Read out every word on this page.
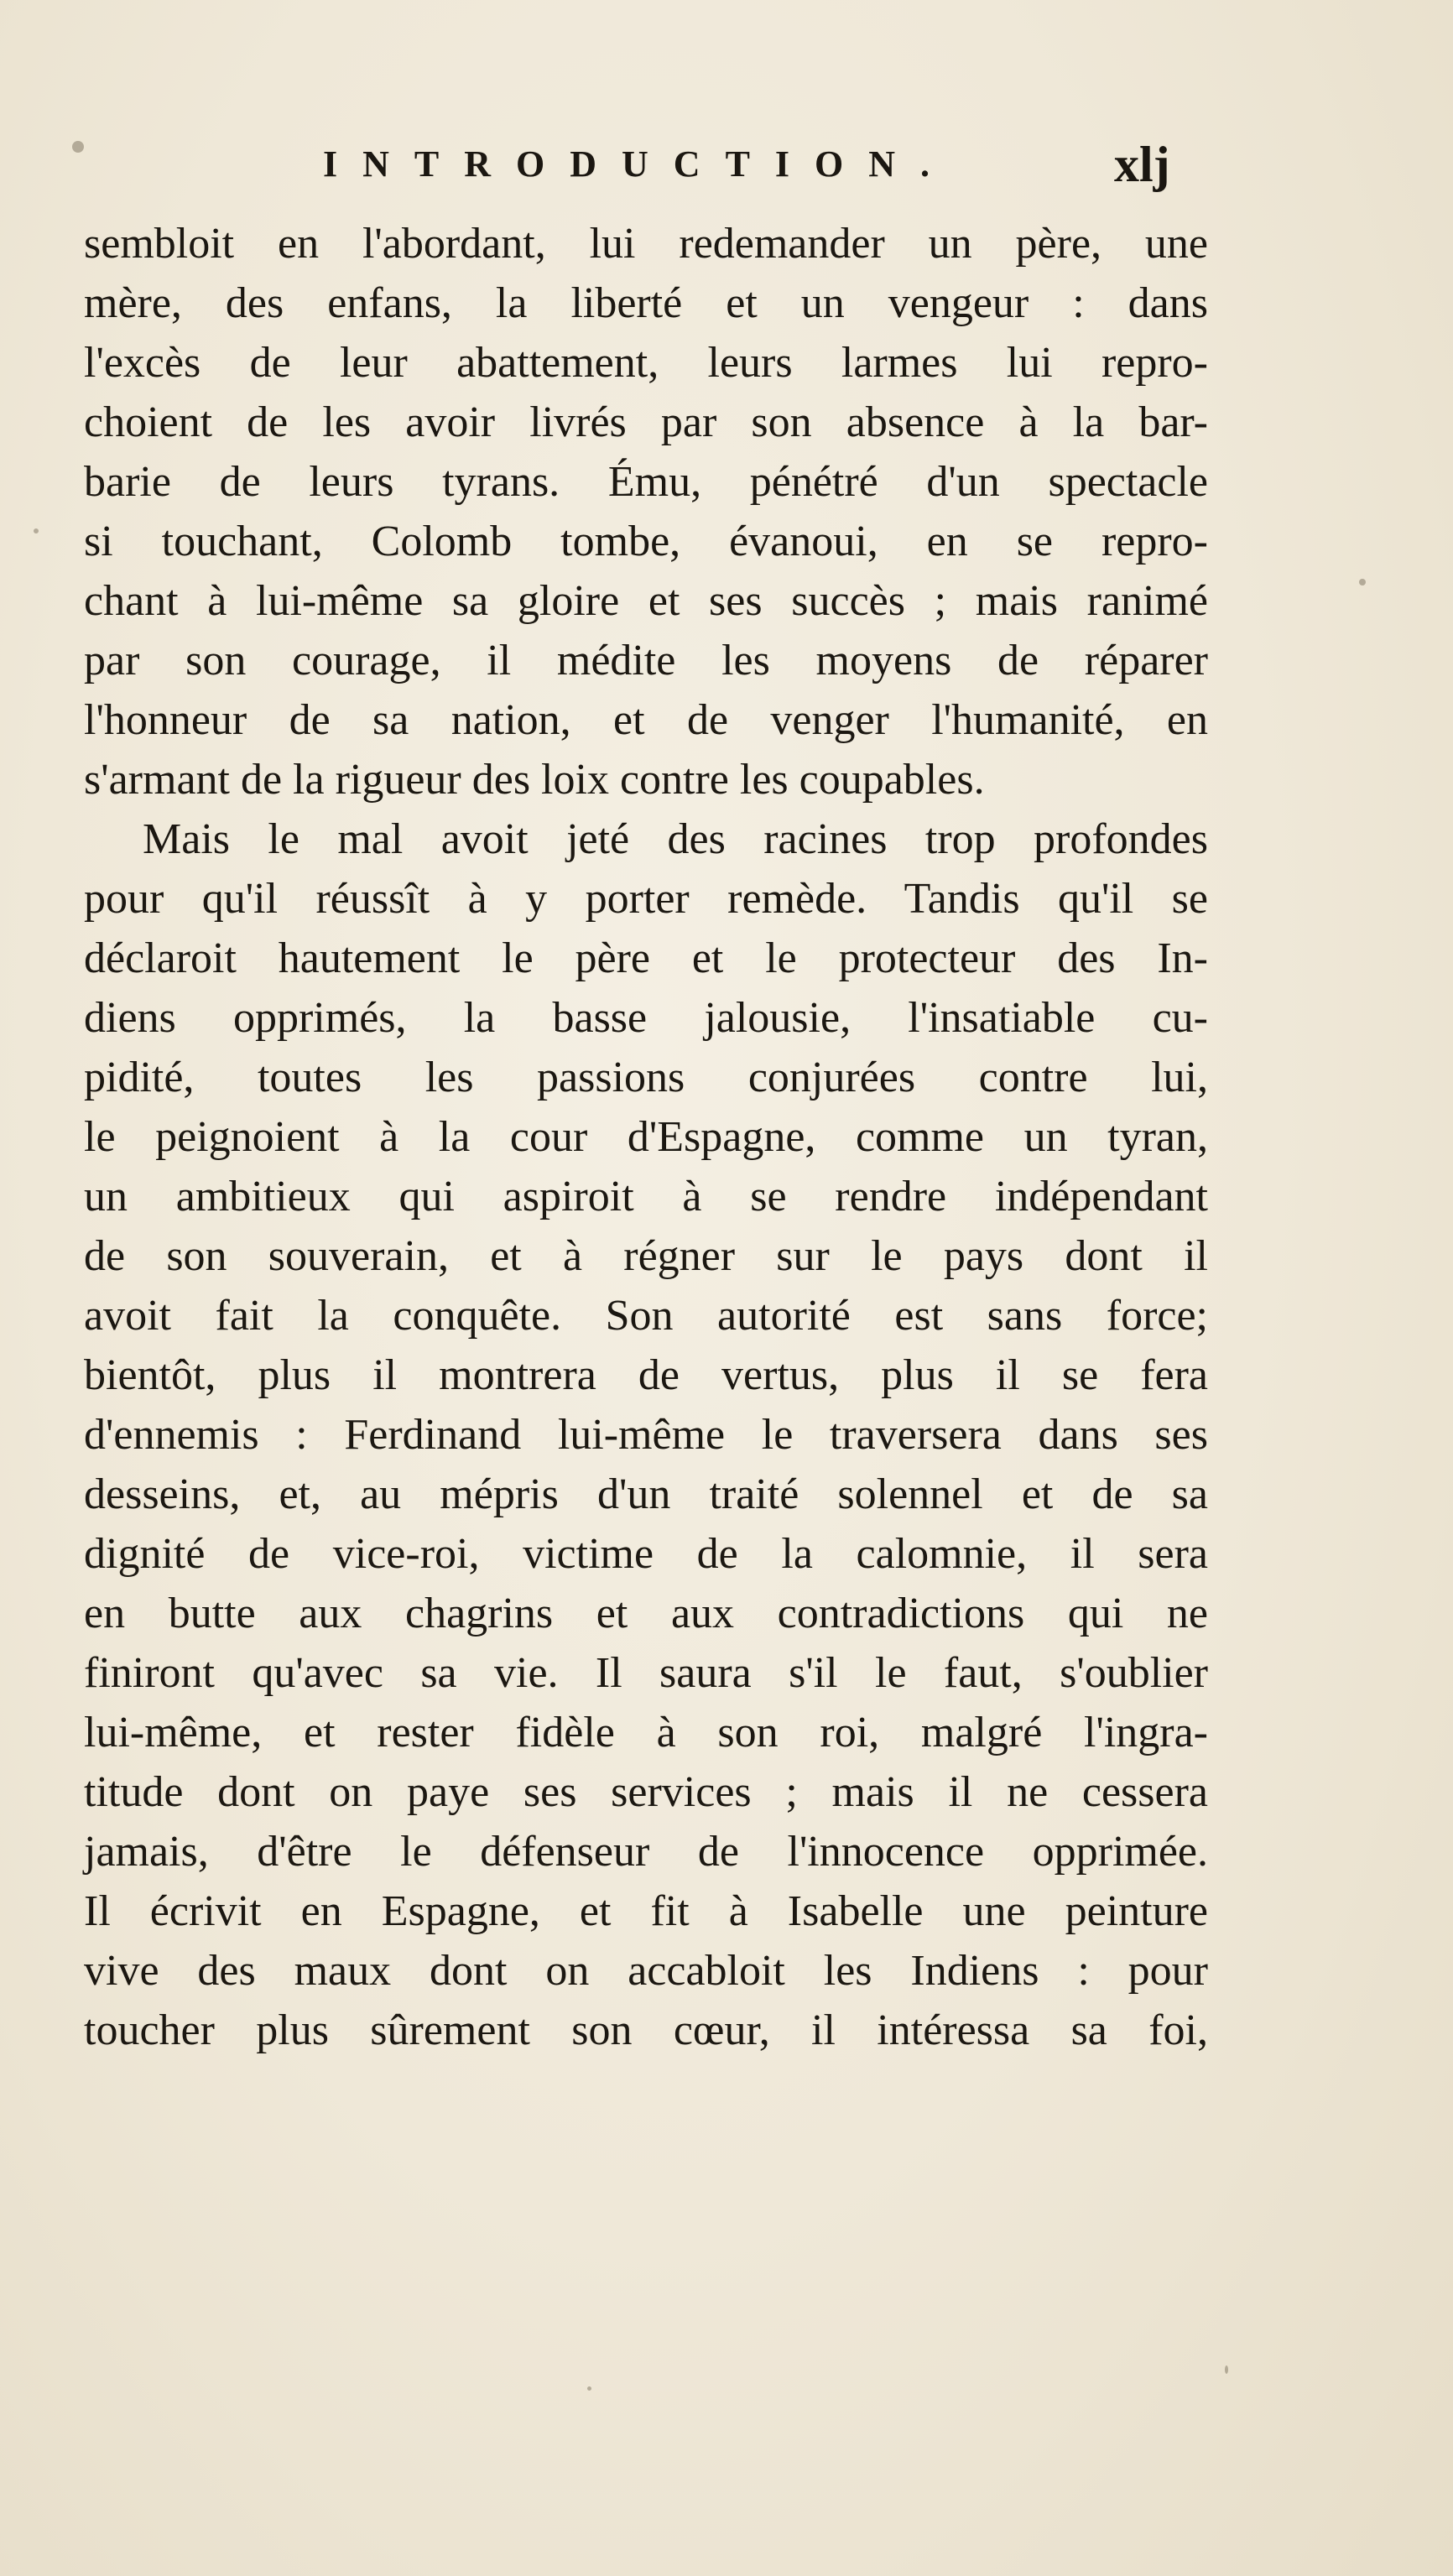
INTRODUCTION.	xlj
sembloit en l'abordant, lui redemander un père, une
mère, des enfans, la liberté et un vengeur : dans
l'excès de leur abattement, leurs larmes lui repro-
choient de les avoir livrés par son absence à la bar-
barie de leurs tyrans. Ému, pénétré d'un spectacle
si touchant, Colomb tombe, évanoui, en se repro-
chant à lui-même sa gloire et ses succès ; mais ranimé
par son courage, il médite les moyens de réparer
l'honneur de sa nation, et de venger l'humanité, en
s'armant de la rigueur des loix contre les coupables.
Mais le mal avoit jeté des racines trop profondes
pour qu'il réussît à y porter remède. Tandis qu'il se
déclaroit hautement le père et le protecteur des In-
diens opprimés, la basse jalousie, l'insatiable cu-
pidité, toutes les passions conjurées contre lui,
le peignoient à la cour d'Espagne, comme un tyran,
un ambitieux qui aspiroit à se rendre indépendant
de son souverain, et à régner sur le pays dont il
avoit fait la conquête. Son autorité est sans force;
bientôt, plus il montrera de vertus, plus il se fera
d'ennemis : Ferdinand lui-même le traversera dans ses
desseins, et, au mépris d'un traité solennel et de sa
dignité de vice-roi, victime de la calomnie, il sera
en butte aux chagrins et aux contradictions qui ne
finiront qu'avec sa vie. Il saura s'il le faut, s'oublier
lui-même, et rester fidèle à son roi, malgré l'ingra-
titude dont on paye ses services ; mais il ne cessera
jamais, d'être le défenseur de l'innocence opprimée.
Il écrivit en Espagne, et fit à Isabelle une peinture
vive des maux dont on accabloit les Indiens : pour
toucher plus sûrement son cœur, il intéressa sa foi,
